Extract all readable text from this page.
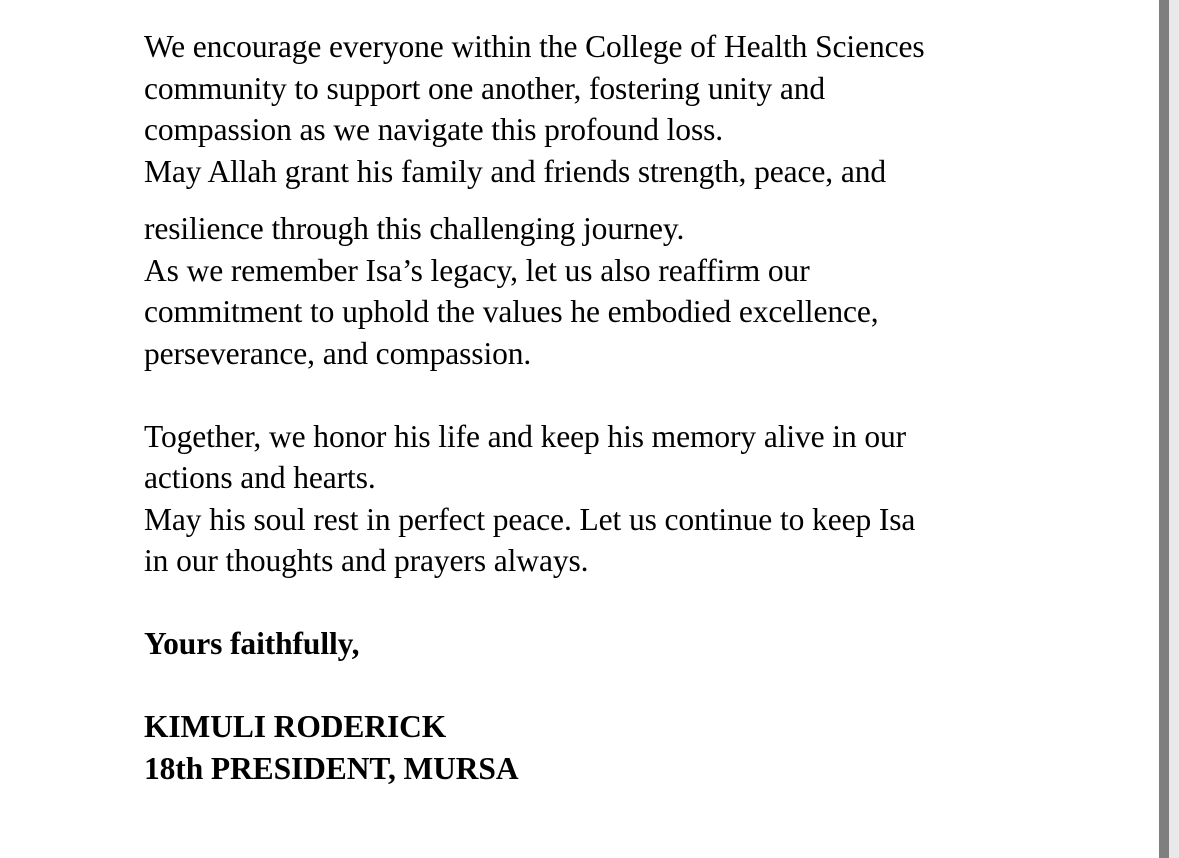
We encourage everyone within the College of Health Sciences
community to support one another, fostering unity and
compassion as we navigate this profound loss.
May Allah grant his family and friends strength, peace, and
resilience through this challenging journey.
As we remember Isa’s legacy, let us also reaffirm our
commitment to uphold the values he embodied excellence,
perseverance, and compassion.
Together, we honor his life and keep his memory alive in our
actions and hearts.
May his soul rest in perfect peace. Let us continue to keep Isa
in our thoughts and prayers always.
Yours faithfully,
KIMULI RODERICK
18th PRESIDENT, MURSA
